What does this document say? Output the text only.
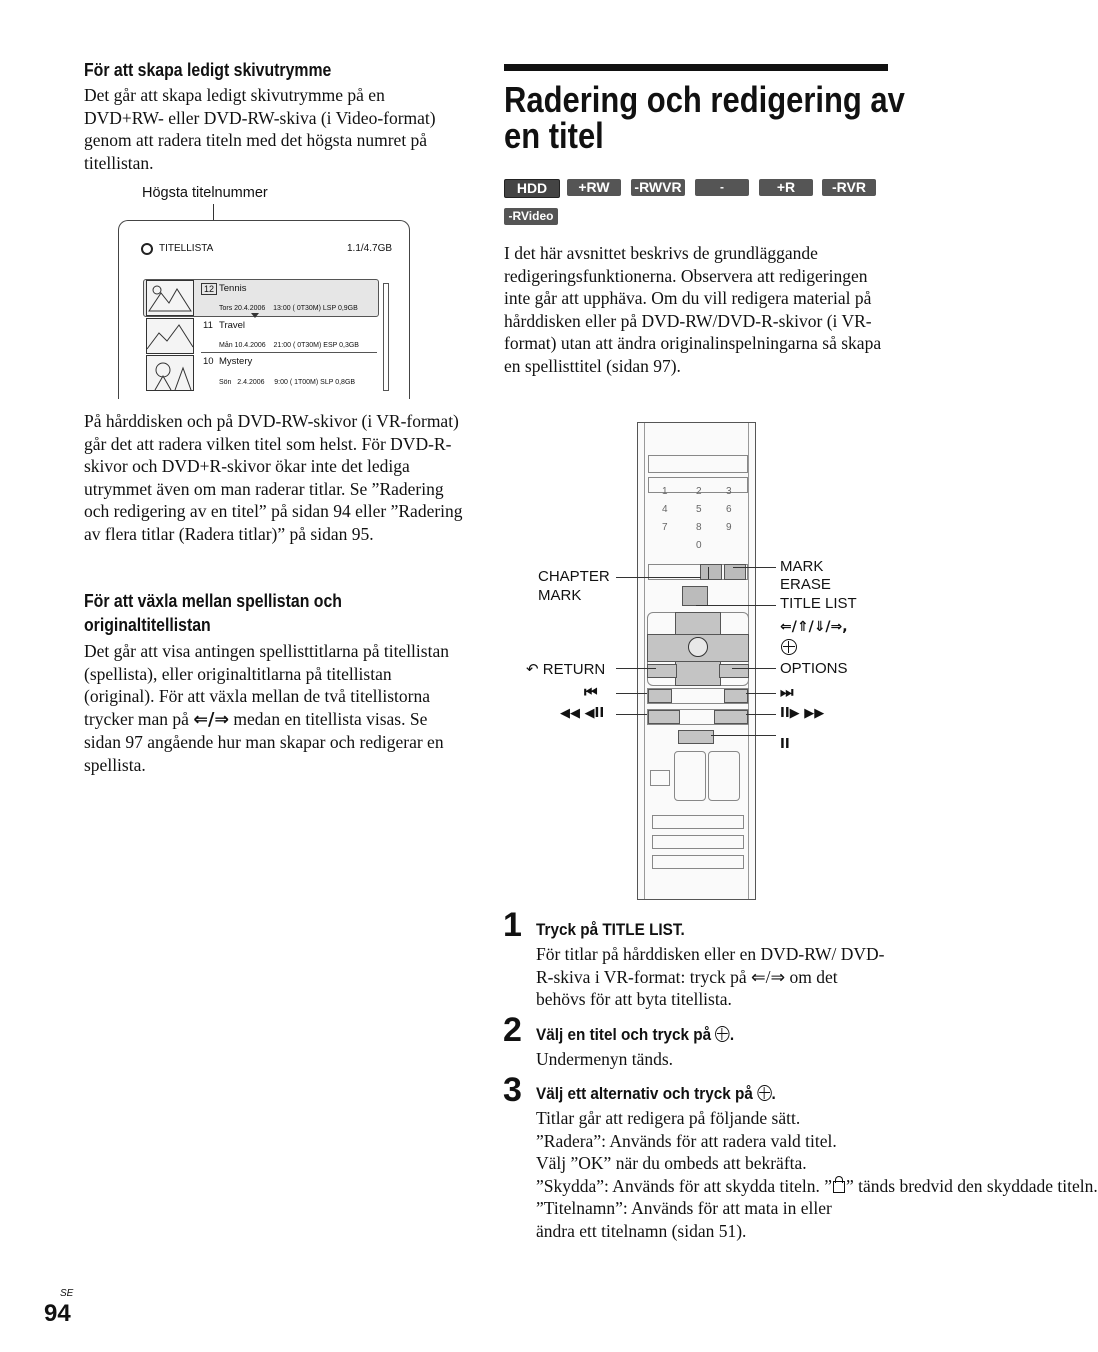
För att skapa ledigt skivutrymme

Det går att skapa ledigt skivutrymme på en DVD+RW- eller DVD-RW-skiva (i Video-format) genom att radera titeln med det högsta numret på titellistan.

Högsta titelnummer
TITELLISTA	1.1/4.7GB
12 Tennis
Tors 20.4.2006    13:00 ( 0T30M) LSP 0,9GB
11 Travel
Mån 10.4.2006    21:00 ( 0T30M) ESP 0,3GB
10 Mystery
Sön   2.4.2006     9:00 ( 1T00M) SLP 0,8GB

På hårddisken och på DVD-RW-skivor (i VR-format) går det att radera vilken titel som helst. För DVD-R-skivor och DVD+R-skivor ökar inte det lediga utrymmet även om man raderar titlar. Se ”Radering och redigering av en titel” på sidan 94 eller ”Radering av flera titlar (Radera titlar)” på sidan 95.

För att växla mellan spellistan och
originaltitellistan

Det går att visa antingen spellisttitlarna på titellistan (spellista), eller originaltitlarna på titellistan (original). För att växla mellan de två titellistorna trycker man på ⇐/⇒ medan en titellista visas. Se sidan 97 angående hur man skapar och redigerar en spellista.

Radering och redigering av
en titel
HDD	+RW	-RWVR	-RWVideo
+R	-RVR
-RVideo

I det här avsnittet beskrivs de grundläggande redigeringsfunktionerna. Observera att redigeringen inte går att upphäva. Om du vill redigera material på hårddisken eller på DVD-RW/DVD-R-skivor (i VR-format) utan att ändra originalinspelningarna så skapa en spellisttitel (sidan 97).

1	2 3
4	5 6
7	8 9
0
CHAPTER
MARK
MARK
ERASE
TITLE LIST
⇐/⇑/⇓/⇒,
↶ RETURN	OPTIONS
⏮	⏭
◀◀ ◀II	II▶ ▶▶
II
1 Tryck på TITLE LIST.

För titlar på hårddisken eller en DVD-RW/ DVD-R-skiva i VR-format: tryck på ⇐/⇒ om det behövs för att byta titellista.

2 Välj en titel och tryck på .

Undermenyn tänds.

3 Välj ett alternativ och tryck på .
Titlar går att redigera på följande sätt.
”Radera”: Används för att radera vald titel.
Välj ”OK” när du ombeds att bekräfta.
”Skydda”: Används för att skydda titeln. ” ” tänds bredvid den skyddade titeln.
”Titelnamn”: Används för att mata in eller
ändra ett titelnamn (sidan 51).
SE
94
